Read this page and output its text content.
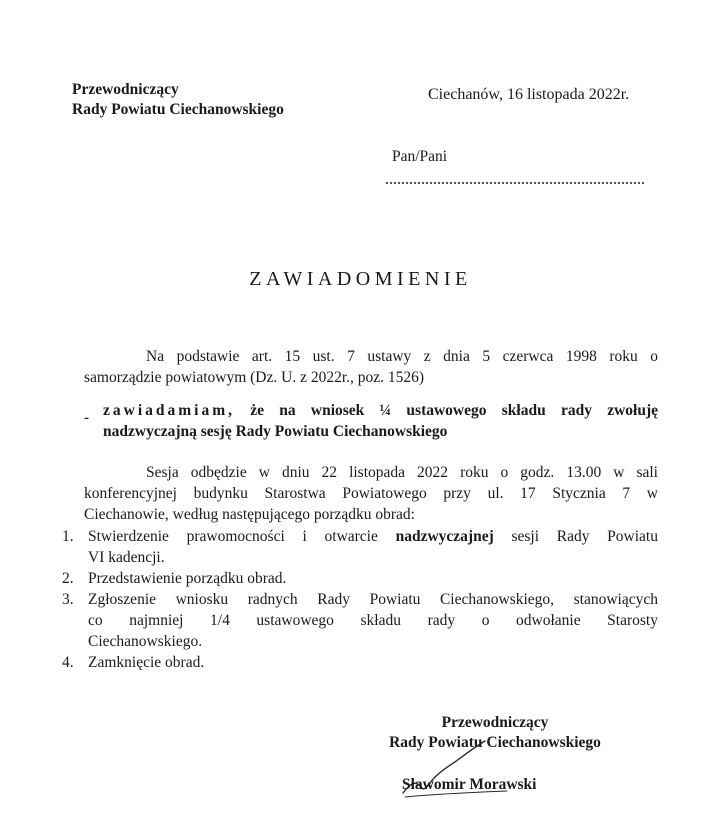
Przewodniczący
Rady Powiatu Ciechanowskiego
Ciechanów, 16 listopada 2022r.
Pan/Pani
ZAWIADOMIENIE
Na podstawie art. 15 ust. 7 ustawy z dnia 5 czerwca 1998 roku o
samorządzie powiatowym (Dz. U. z 2022r., poz. 1526)
- zawiadamiam, że na wniosek ¼ ustawowego składu rady zwołuję
nadzwyczajną sesję Rady Powiatu Ciechanowskiego
Sesja odbędzie w dniu 22 listopada 2022 roku o godz. 13.00 w sali
konferencyjnej budynku Starostwa Powiatowego przy ul. 17 Stycznia 7 w
Ciechanowie, według następującego porządku obrad:
1. Stwierdzenie prawomocności i otwarcie nadzwyczajnej sesji Rady Powiatu
VI kadencji.
2. Przedstawienie porządku obrad.
3. Zgłoszenie wniosku radnych Rady Powiatu Ciechanowskiego, stanowiących
co najmniej 1/4 ustawowego składu rady o odwołanie Starosty
Ciechanowskiego.
4. Zamknięcie obrad.
Przewodniczący
Rady Powiatu Ciechanowskiego
Sławomir Morawski
